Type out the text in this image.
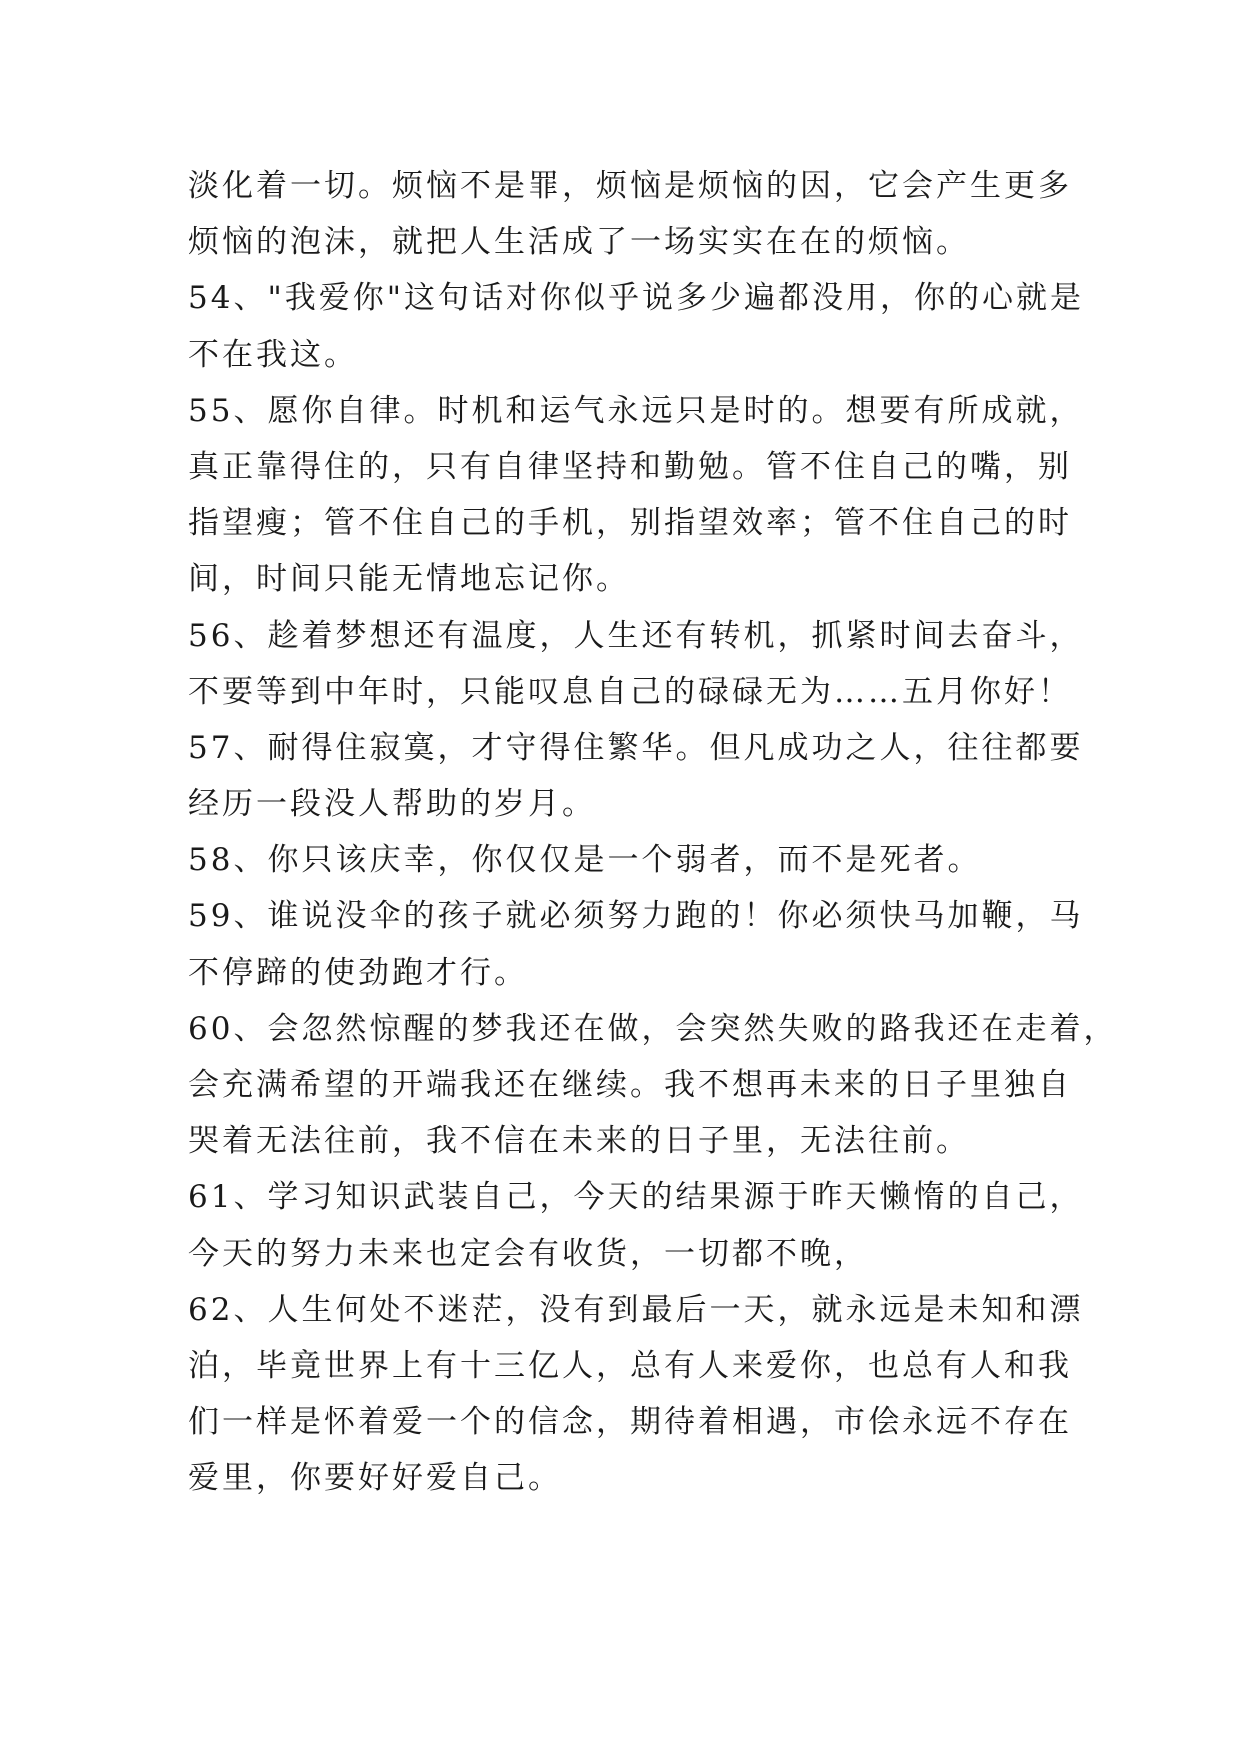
淡化着一切。烦恼不是罪，烦恼是烦恼的因，它会产生更多
烦恼的泡沫，就把人生活成了一场实实在在的烦恼。
54、"我爱你"这句话对你似乎说多少遍都没用，你的心就是
不在我这。
55、愿你自律。时机和运气永远只是时的。想要有所成就，
真正靠得住的，只有自律坚持和勤勉。管不住自己的嘴，别
指望瘦；管不住自己的手机，别指望效率；管不住自己的时
间，时间只能无情地忘记你。
56、趁着梦想还有温度，人生还有转机，抓紧时间去奋斗，
不要等到中年时，只能叹息自己的碌碌无为……五月你好！
57、耐得住寂寞，才守得住繁华。但凡成功之人，往往都要
经历一段没人帮助的岁月。
58、你只该庆幸，你仅仅是一个弱者，而不是死者。
59、谁说没伞的孩子就必须努力跑的！你必须快马加鞭，马
不停蹄的使劲跑才行。
60、会忽然惊醒的梦我还在做，会突然失败的路我还在走着，
会充满希望的开端我还在继续。我不想再未来的日子里独自
哭着无法往前，我不信在未来的日子里，无法往前。
61、学习知识武装自己，今天的结果源于昨天懒惰的自己，
今天的努力未来也定会有收货，一切都不晚，
62、人生何处不迷茫，没有到最后一天，就永远是未知和漂
泊，毕竟世界上有十三亿人，总有人来爱你，也总有人和我
们一样是怀着爱一个的信念，期待着相遇，市侩永远不存在
爱里，你要好好爱自己。
